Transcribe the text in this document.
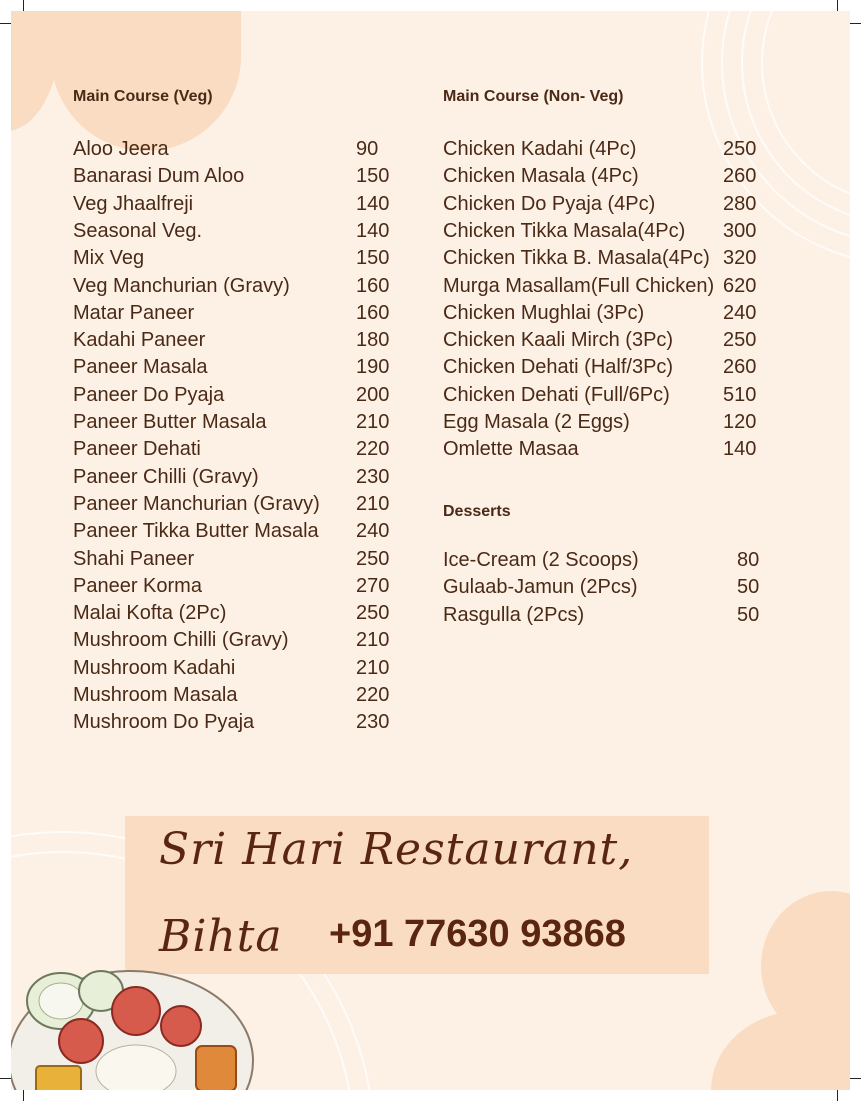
Main Course (Veg)
Aloo Jeera	90
Banarasi Dum Aloo	150
Veg Jhaalfreji	140
Seasonal Veg.	140
Mix Veg	150
Veg Manchurian (Gravy)	160
Matar Paneer	160
Kadahi Paneer	180
Paneer Masala	190
Paneer Do Pyaja	200
Paneer Butter Masala	210
Paneer Dehati	220
Paneer Chilli (Gravy)	230
Paneer Manchurian (Gravy) 210
Paneer Tikka Butter Masala 240
Shahi Paneer	250
Paneer Korma	270
Malai Kofta (2Pc)	250
Mushroom Chilli (Gravy)	210
Mushroom Kadahi	210
Mushroom Masala	220
Mushroom Do Pyaja	230
Main Course (Non- Veg)
Chicken Kadahi (4Pc)	250
Chicken Masala (4Pc)	260
Chicken Do Pyaja (4Pc)	280
Chicken Tikka Masala(4Pc) 300
Chicken Tikka B. Masala(4Pc) 320
Murga Masallam(Full Chicken) 620
Chicken Mughlai (3Pc)	240
Chicken Kaali Mirch (3Pc) 250
Chicken Dehati (Half/3Pc) 260
Chicken Dehati (Full/6Pc)	510
Egg Masala (2 Eggs)	120
Omlette Masaa	140
Desserts
Ice-Cream (2 Scoops)	80
Gulaab-Jamun (2Pcs)	50
Rasgulla (2Pcs)	50
Sri Hari Restaurant,
Bihta +91 77630 93868
